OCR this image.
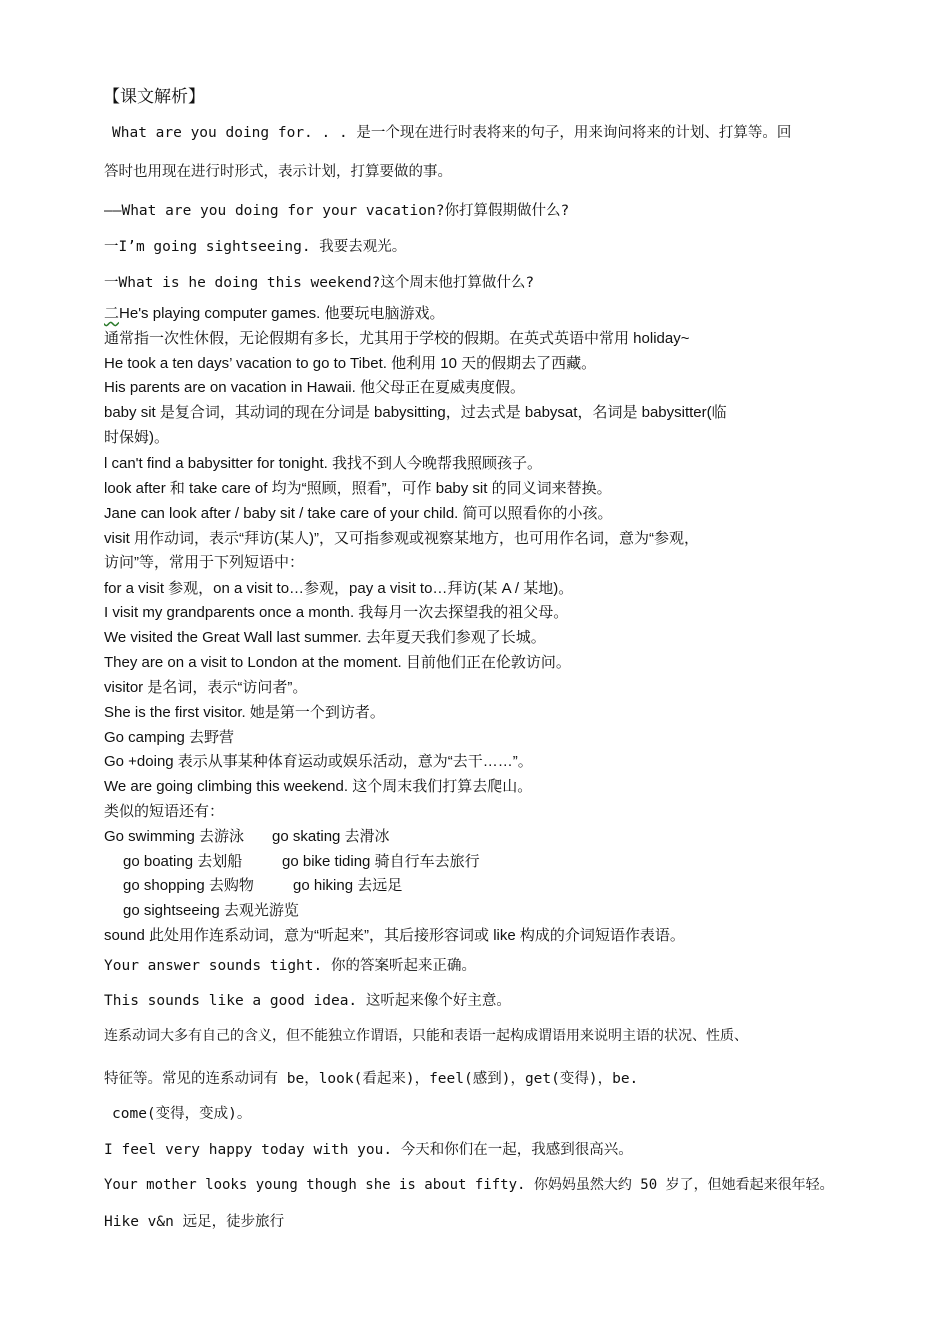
【课文解析】
What are you doing for. . . 是一个现在进行时表将来的句子，用来询问将来的计划、打算等。回
答时也用现在进行时形式，表示计划，打算要做的事。
——What are you doing for your vacation?你打算假期做什么?
一I’m going sightseeing. 我要去观光。
一What is he doing this weekend?这个周末他打算做什么?
二He's playing computer games. 他要玩电脑游戏。
通常指一次性休假，无论假期有多长，尤其用于学校的假期。在英式英语中常用 holiday~
He took a ten days’ vacation to go to Tibet. 他利用 10 天的假期去了西藏。
His parents are on vacation in Hawaii. 他父母正在夏威夷度假。
baby sit 是复合词，其动词的现在分词是 babysitting，过去式是 babysat，名词是 babysitter(临
时保姆)。
l can't find a babysitter for tonight. 我找不到人今晚帮我照顾孩子。
look after 和 take care of 均为“照顾，照看”，可作 baby sit 的同义词来替换。
Jane can look after / baby sit / take care of your child. 简可以照看你的小孩。
visit 用作动词，表示“拜访(某人)”，又可指参观或视察某地方，也可用作名词，意为“参观，
访问”等，常用于下列短语中：
for a visit 参观，on a visit to…参观，pay a visit to…拜访(某 A / 某地)。
I visit my grandparents once a month. 我每月一次去探望我的祖父母。
We visited the Great Wall last summer. 去年夏天我们参观了长城。
They are on a visit to London at the moment. 目前他们正在伦敦访问。
visitor 是名词，表示“访问者”。
She is the first visitor. 她是第一个到访者。
Go camping 去野营
Go +doing 表示从事某种体育运动或娱乐活动，意为“去干……”。
We are going climbing this weekend. 这个周末我们打算去爬山。
类似的短语还有：
Go swimming 去游泳 go skating 去滑冰
go boating 去划船	go bike tiding 骑自行车去旅行
go shopping 去购物	go hiking 去远足
go sightseeing 去观光游览
sound 此处用作连系动词，意为“听起来”，其后接形容词或 like 构成的介词短语作表语。
Your answer sounds tight. 你的答案听起来正确。
This sounds like a good idea. 这听起来像个好主意。
连系动词大多有自己的含义，但不能独立作谓语，只能和表语一起构成谓语用来说明主语的状况、性质、
特征等。常见的连系动词有 be，look(看起来)，feel(感到)，get(变得)，be.
come(变得，变成)。
I feel very happy today with you. 今天和你们在一起，我感到很高兴。
Your mother looks young though she is about fifty. 你妈妈虽然大约 50 岁了，但她看起来很年轻。
Hike v&n 远足，徒步旅行
